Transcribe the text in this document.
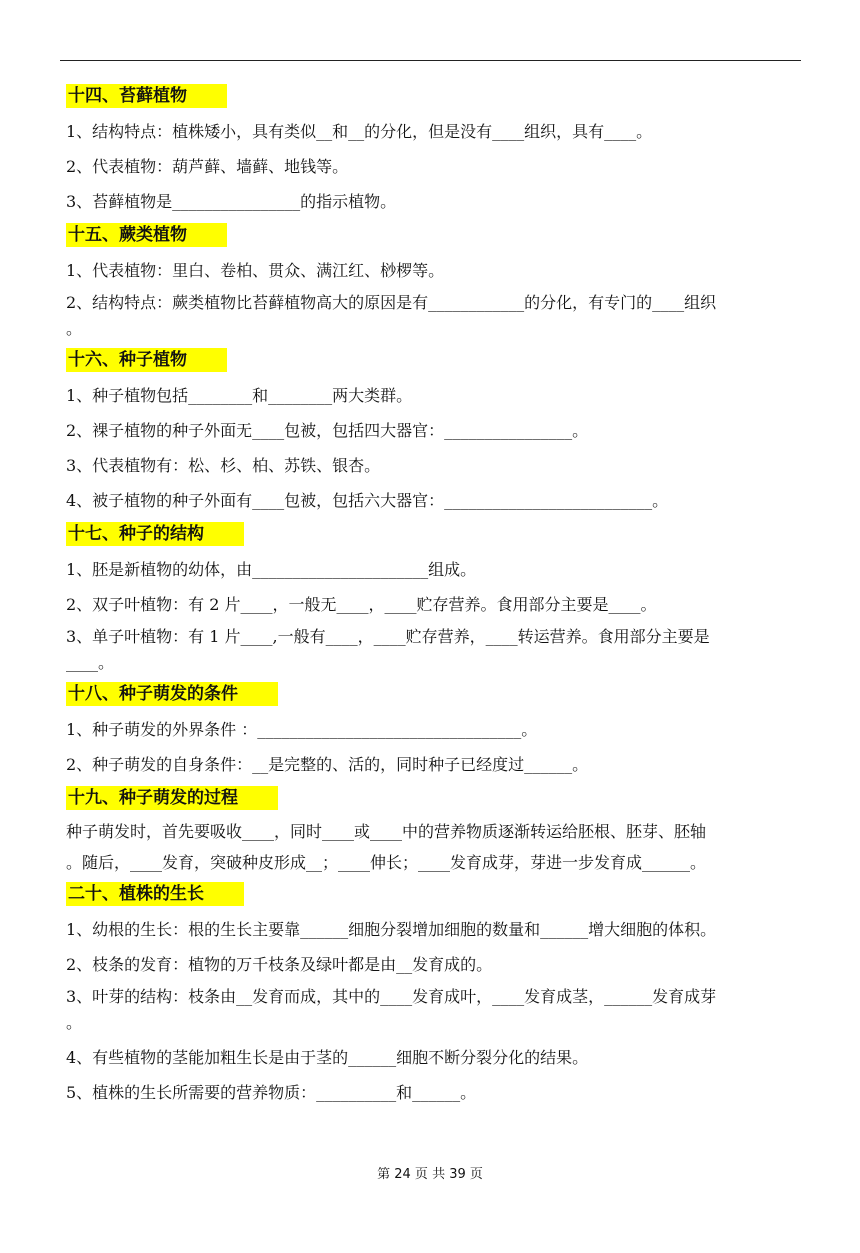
十四、苔藓植物
1、结构特点：植株矮小，具有类似__和__的分化，但是没有____组织，具有____。
2、代表植物：葫芦藓、墙藓、地钱等。
3、苔藓植物是________________的指示植物。
十五、蕨类植物
1、代表植物：里白、卷柏、贯众、满江红、桫椤等。
2、结构特点：蕨类植物比苔藓植物高大的原因是有____________的分化，有专门的____组织
。
十六、种子植物
1、种子植物包括________和________两大类群。
2、裸子植物的种子外面无____包被，包括四大器官：________________。
3、代表植物有：松、杉、柏、苏铁、银杏。
4、被子植物的种子外面有____包被，包括六大器官：__________________________。
十七、种子的结构
1、胚是新植物的幼体，由______________________组成。
2、双子叶植物：有 2 片____，一般无____，____贮存营养。食用部分主要是____。
3、单子叶植物：有 1 片____,一般有____，____贮存营养，____转运营养。食用部分主要是
____。
十八、种子萌发的条件
1、种子萌发的外界条件 ：_________________________________。
2、种子萌发的自身条件：__是完整的、活的，同时种子已经度过______。
十九、种子萌发的过程
种子萌发时，首先要吸收____，同时____或____中的营养物质逐渐转运给胚根、胚芽、胚轴
。随后，____发育，突破种皮形成__；____伸长；____发育成芽，芽进一步发育成______。
二十、植株的生长
1、幼根的生长：根的生长主要靠______细胞分裂增加细胞的数量和______增大细胞的体积。
2、枝条的发育：植物的万千枝条及绿叶都是由__发育成的。
3、叶芽的结构：枝条由__发育而成，其中的____发育成叶，____发育成茎，______发育成芽
。
4、有些植物的茎能加粗生长是由于茎的______细胞不断分裂分化的结果。
5、植株的生长所需要的营养物质：__________和______。
第 24 页 共 39 页
